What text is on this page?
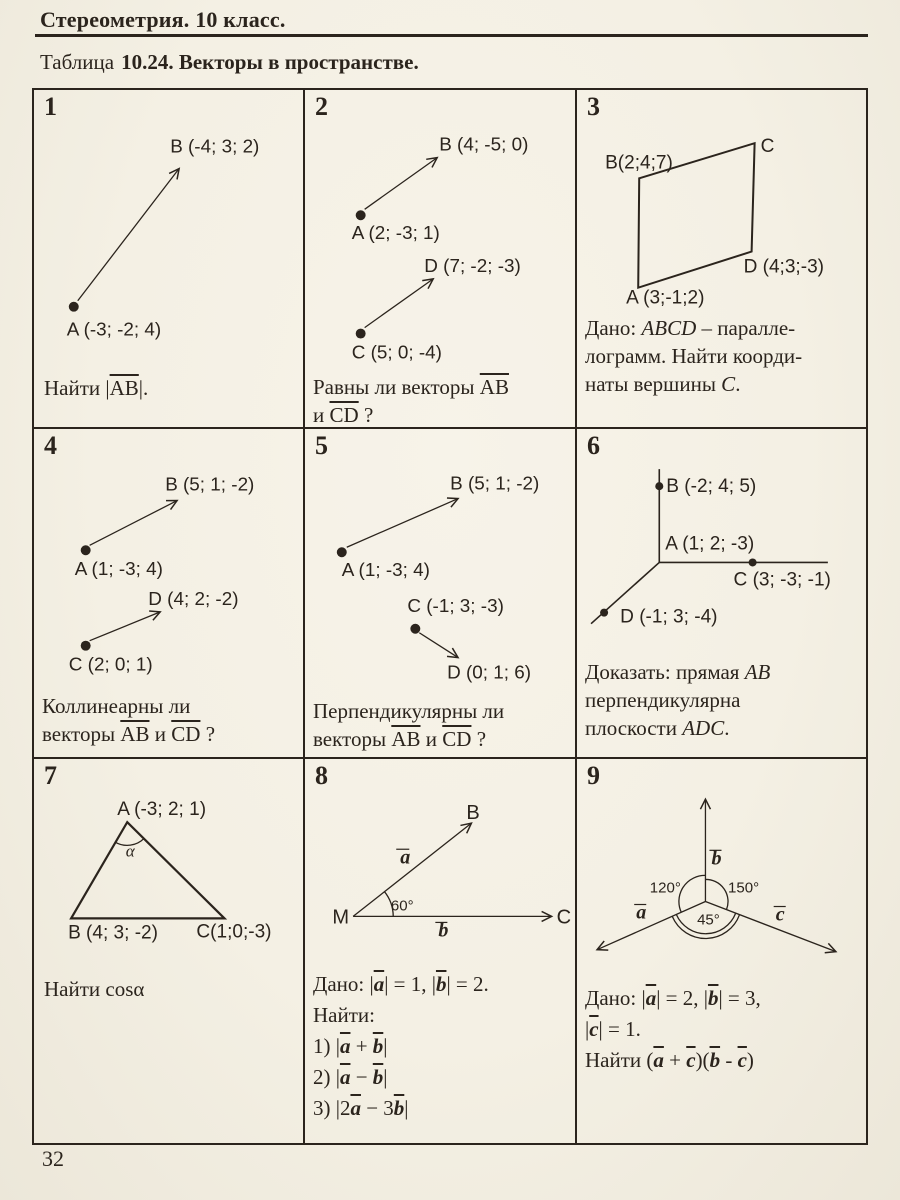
Стереометрия. 10 класс.
Таблица 10.24. Векторы в пространстве.
B (-4; 3; 2)
A (-3; -2; 4)
1
Найти $|\overline{AB}|$.
B (4; -5; 0)
A (2; -3; 1)
D (7; -2; -3)
C (5; 0; -4)
2
Равны ли векторы $\overline{AB}$
и $\overline{CD}$ ?
B(2;4;7)
C
D (4;3;-3)
A (3;-1;2)
3
Дано: ABCD – паралле-
лограмм. Найти коорди-
наты вершины C.
B (5; 1; -2)
A (1; -3; 4)
D (4; 2; -2)
C (2; 0; 1)
4
Коллинеарны ли
векторы $\overline{AB}$ и $\overline{CD}$ ?
B (5; 1; -2)
A (1; -3; 4)
C (-1; 3; -3)
D (0; 1; 6)
5
Перпендикулярны ли
векторы $\overline{AB}$ и $\overline{CD}$ ?
B (-2; 4; 5)
A (1; 2; -3)
C (3; -3; -1)
D (-1; 3; -4)
6
Доказать: прямая AB
перпендикулярна
плоскости ADC.
A (-3; 2; 1)
α
B (4; 3; -2) C(1;0;-3)
7
Найти cosα
M
B
C
a
b
60°
8
Дано: $|\overline{a}| = 1$, $|\overline{b}| = 2$.
Найти:
1) $|\overline{a} + \overline{b}|$
2) $|\overline{a} - \overline{b}|$
3) $|2\overline{a} - 3\overline{b}|$
b
a	c
120°	150°
45°
9
Дано: $|\overline{a}| = 2$, $|\overline{b}| = 3$,
$|\overline{c}| = 1$.
Найти $(\overline{a} + \overline{c})(\overline{b} - \overline{c})$
32
